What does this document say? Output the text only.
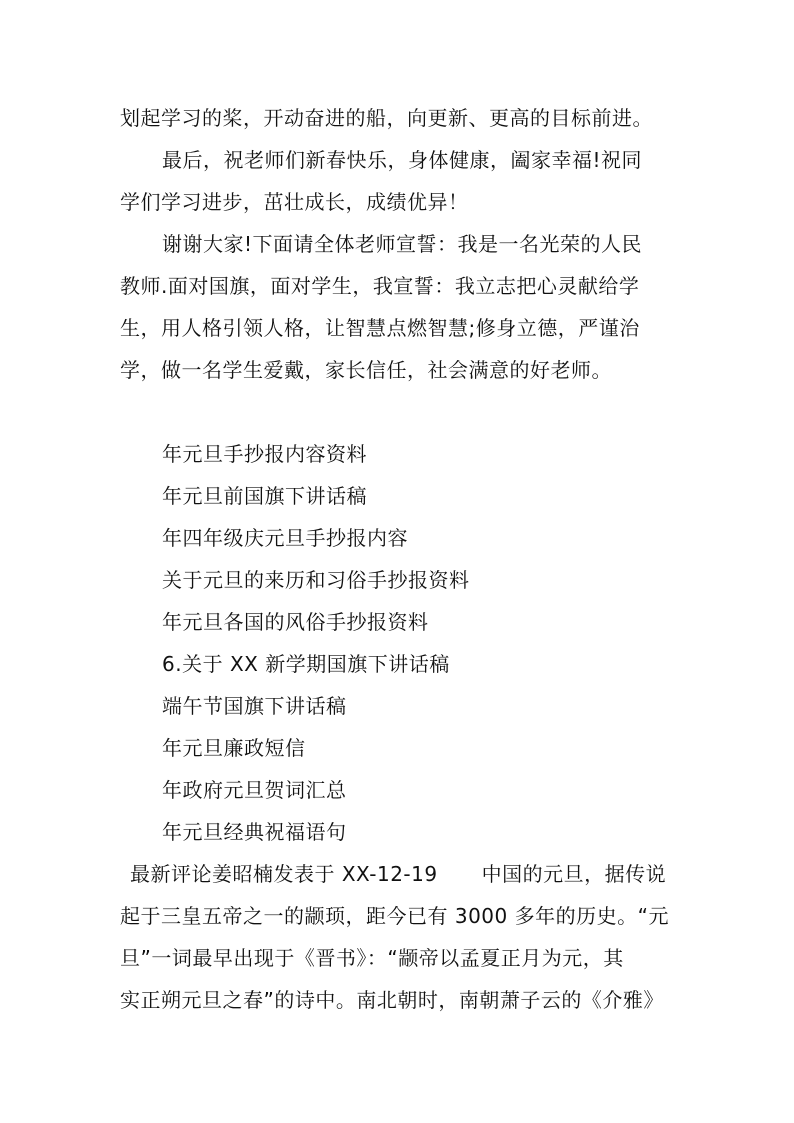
划起学习的桨，开动奋进的船，向更新、更高的目标前进。
最后，祝老师们新春快乐，身体健康，阖家幸福!祝同
学们学习进步，茁壮成长，成绩优异！
谢谢大家!下面请全体老师宣誓：我是一名光荣的人民
教师.面对国旗，面对学生，我宣誓：我立志把心灵献给学
生，用人格引领人格，让智慧点燃智慧;修身立德，严谨治
学，做一名学生爱戴，家长信任，社会满意的好老师。
年元旦手抄报内容资料
年元旦前国旗下讲话稿
年四年级庆元旦手抄报内容
关于元旦的来历和习俗手抄报资料
年元旦各国的风俗手抄报资料
6.关于 XX 新学期国旗下讲话稿
端午节国旗下讲话稿
年元旦廉政短信
年政府元旦贺词汇总
年元旦经典祝福语句
最新评论姜昭楠发表于 XX-12-19 中国的元旦，据传说
起于三皇五帝之一的颛顼，距今已有 3000 多年的历史。“元
旦”一词最早出现于《晋书》：“颛帝以孟夏正月为元，其
实正朔元旦之春”的诗中。南北朝时，南朝萧子云的《介雅》
